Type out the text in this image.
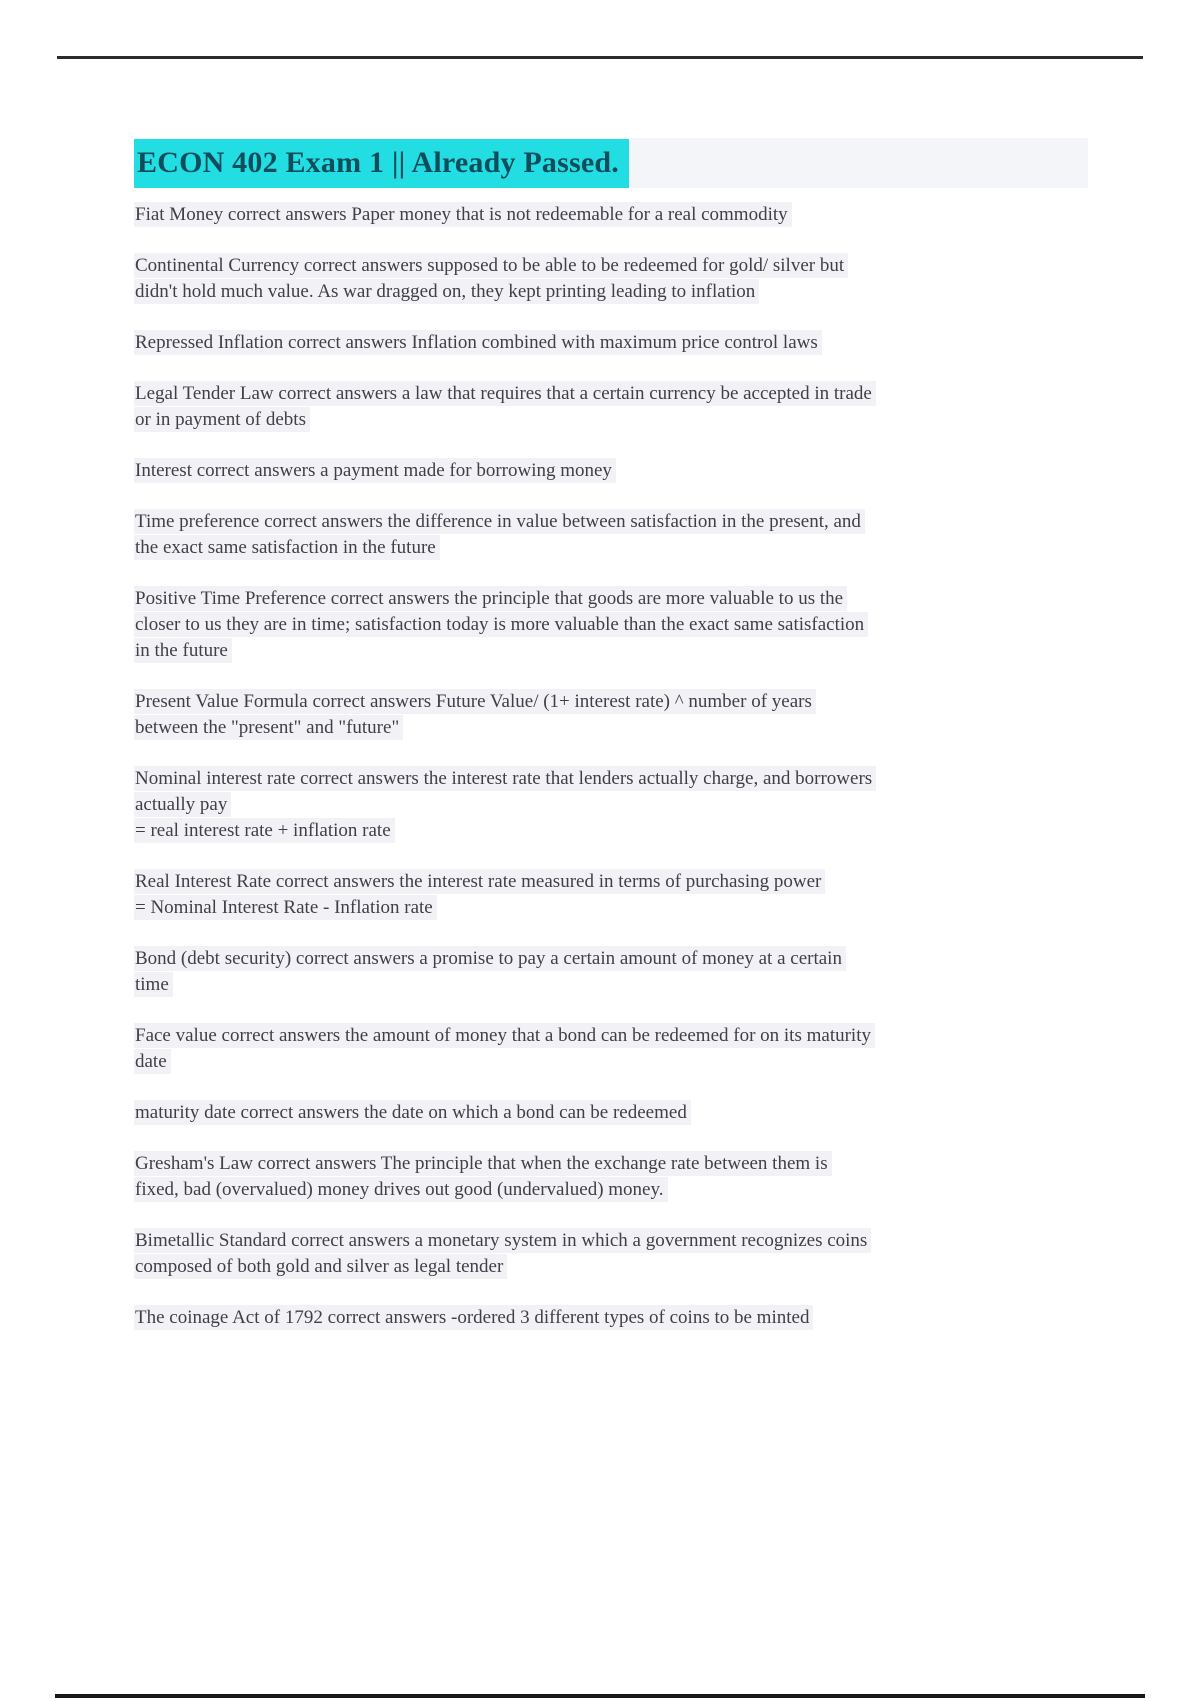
ECON 402 Exam 1 || Already Passed.

Fiat Money correct answers Paper money that is not redeemable for a real commodity

Continental Currency correct answers supposed to be able to be redeemed for gold/ silver but
didn't hold much value. As war dragged on, they kept printing leading to inflation

Repressed Inflation correct answers Inflation combined with maximum price control laws

Legal Tender Law correct answers a law that requires that a certain currency be accepted in trade
or in payment of debts

Interest correct answers a payment made for borrowing money

Time preference correct answers the difference in value between satisfaction in the present, and
the exact same satisfaction in the future

Positive Time Preference correct answers the principle that goods are more valuable to us the
closer to us they are in time; satisfaction today is more valuable than the exact same satisfaction
in the future

Present Value Formula correct answers Future Value/ (1+ interest rate) ^ number of years
between the "present" and "future"

Nominal interest rate correct answers the interest rate that lenders actually charge, and borrowers
actually pay
= real interest rate + inflation rate

Real Interest Rate correct answers the interest rate measured in terms of purchasing power
= Nominal Interest Rate - Inflation rate

Bond (debt security) correct answers a promise to pay a certain amount of money at a certain
time

Face value correct answers the amount of money that a bond can be redeemed for on its maturity
date

maturity date correct answers the date on which a bond can be redeemed

Gresham's Law correct answers The principle that when the exchange rate between them is
fixed, bad (overvalued) money drives out good (undervalued) money.

Bimetallic Standard correct answers a monetary system in which a government recognizes coins
composed of both gold and silver as legal tender

The coinage Act of 1792 correct answers -ordered 3 different types of coins to be minted
